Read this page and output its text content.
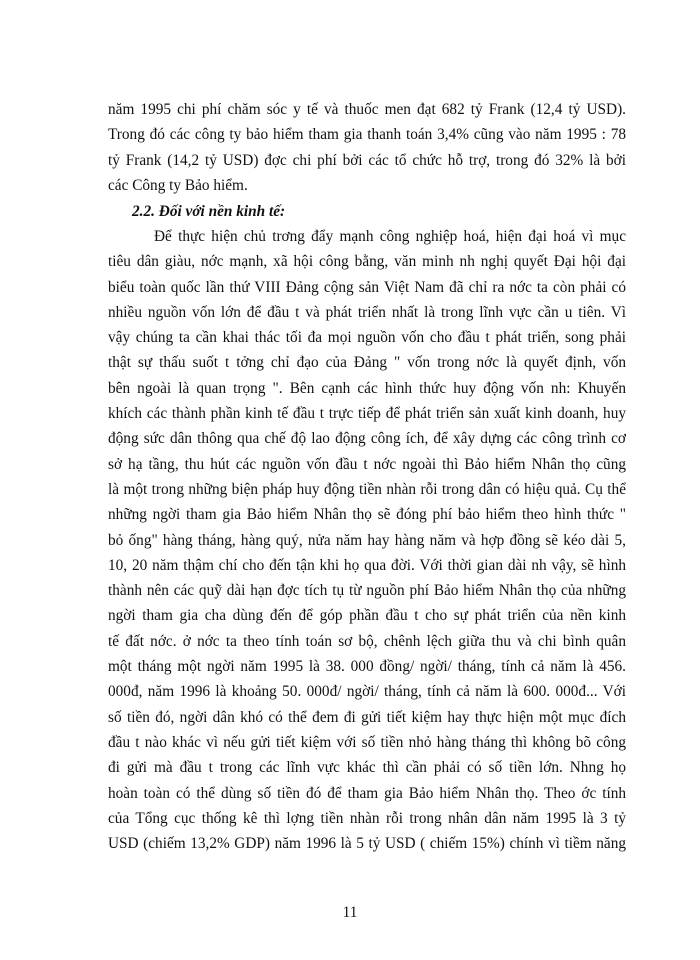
năm 1995 chi phí chăm sóc y tế và thuốc men đạt 682 tỷ Frank (12,4 tỷ USD).
Trong đó các công ty bảo hiểm tham gia thanh toán 3,4% cũng vào năm 1995 : 78
tỷ Frank (14,2 tỷ USD) đợc chi phí bởi các tổ chức hỗ trợ, trong đó 32% là bởi
các Công ty Bảo hiểm.
2.2. Đối với nền kinh tế:
Để thực hiện chủ trơng đẩy mạnh công nghiệp hoá, hiện đại hoá vì mục
tiêu dân giàu, nớc mạnh, xã hội công bằng, văn minh nh nghị quyết Đại hội đại
biểu toàn quốc lần thứ VIII Đảng cộng sản Việt Nam đã chỉ ra nớc ta còn phải có
nhiều nguồn vốn lớn để đầu t và phát triển nhất là trong lĩnh vực cần u tiên. Vì
vậy chúng ta cần khai thác tối đa mọi nguồn vốn cho đầu t phát triển, song phải
thật sự thấu suốt t tởng chỉ đạo của Đảng " vốn trong nớc là quyết định, vốn
bên ngoài là quan trọng ". Bên cạnh các hình thức huy động vốn nh: Khuyến
khích các thành phần kinh tế đầu t trực tiếp để phát triển sản xuất kinh doanh, huy
động sức dân thông qua chế độ lao động công ích, để xây dựng các công trình cơ
sở hạ tầng, thu hút các nguồn vốn đầu t nớc ngoài thì Bảo hiểm Nhân thọ cũng
là một trong những biện pháp huy động tiền nhàn rỗi trong dân có hiệu quả. Cụ thể
những ngời tham gia Bảo hiểm Nhân thọ sẽ đóng phí bảo hiểm theo hình thức "
bỏ ống" hàng tháng, hàng quý, nửa năm hay hàng năm và hợp đồng sẽ kéo dài 5,
10, 20 năm thậm chí cho đến tận khi họ qua đời. Với thời gian dài nh vậy, sẽ hình
thành nên các quỹ dài hạn đợc tích tụ từ nguồn phí Bảo hiểm Nhân thọ của những
ngời tham gia cha dùng đến để góp phần đầu t cho sự phát triển của nền kinh
tế đất nớc. ở nớc ta theo tính toán sơ bộ, chênh lệch giữa thu và chi bình quân
một tháng một ngời năm 1995 là 38. 000 đồng/ ngời/ tháng, tính cả năm là 456.
000đ, năm 1996 là khoảng 50. 000đ/ ngời/ tháng, tính cả năm là 600. 000đ... Với
số tiền đó, ngời dân khó có thể đem đi gửi tiết kiệm hay thực hiện một mục đích
đầu t nào khác vì nếu gửi tiết kiệm với số tiền nhỏ hàng tháng thì không bõ công
đi gửi mà đầu t trong các lĩnh vực khác thì cần phải có số tiền lớn. Nhng họ
hoàn toàn có thể dùng số tiền đó để tham gia Bảo hiểm Nhân thọ. Theo ớc tính
của Tổng cục thống kê thì lợng tiền nhàn rỗi trong nhân dân năm 1995 là 3 tỷ
USD (chiếm 13,2% GDP) năm 1996 là 5 tỷ USD ( chiếm 15%) chính vì tiềm năng
11
